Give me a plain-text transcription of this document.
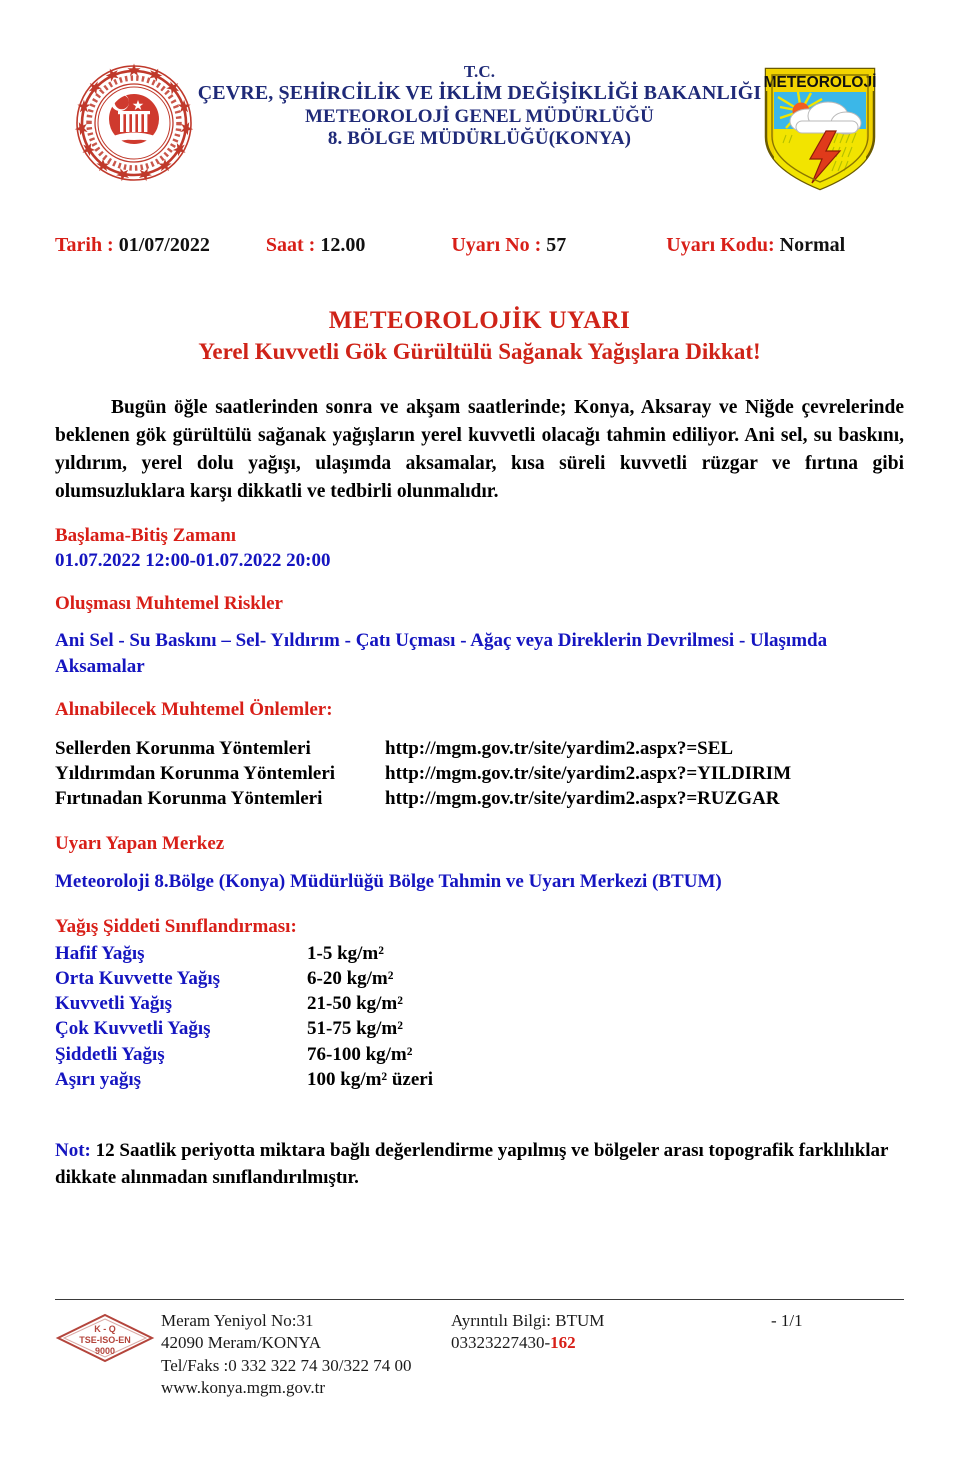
T.C.
ÇEVRE, ŞEHİRCİLİK VE İKLİM DEĞİŞİKLİĞİ BAKANLIĞI
METEOROLOJİ GENEL MÜDÜRLÜĞÜ
8. BÖLGE MÜDÜRLÜĞÜ(KONYA)
METEOROLOJİ
Tarih : 01/07/2022	Saat : 12.00	Uyarı No : 57	Uyarı Kodu: Normal
METEOROLOJİK UYARI
Yerel Kuvvetli Gök Gürültülü Sağanak Yağışlara Dikkat!
Bugün öğle saatlerinden sonra ve akşam saatlerinde; Konya, Aksaray ve Niğde çevrelerinde beklenen gök gürültülü sağanak yağışların yerel kuvvetli olacağı tahmin ediliyor. Ani sel, su baskını, yıldırım, yerel dolu yağışı, ulaşımda aksamalar, kısa süreli kuvvetli rüzgar ve fırtına gibi olumsuzluklara karşı dikkatli ve tedbirli olunmalıdır.
Başlama-Bitiş Zamanı
01.07.2022 12:00-01.07.2022 20:00
Oluşması Muhtemel Riskler
Ani Sel - Su Baskını – Sel- Yıldırım - Çatı Uçması - Ağaç veya Direklerin Devrilmesi - Ulaşımda Aksamalar
Alınabilecek Muhtemel Önlemler:
Sellerden Korunma Yöntemleri	http://mgm.gov.tr/site/yardim2.aspx?=SEL
Yıldırımdan Korunma Yöntemleri	http://mgm.gov.tr/site/yardim2.aspx?=YILDIRIM
Fırtınadan Korunma Yöntemleri	http://mgm.gov.tr/site/yardim2.aspx?=RUZGAR
Uyarı Yapan Merkez
Meteoroloji 8.Bölge (Konya) Müdürlüğü Bölge Tahmin ve Uyarı Merkezi (BTUM)
Yağış Şiddeti Sınıflandırması:
Hafif Yağış	1-5 kg/m²
Orta Kuvvette Yağış	6-20 kg/m²
Kuvvetli Yağış	21-50 kg/m²
Çok Kuvvetli Yağış	51-75 kg/m²
Şiddetli Yağış	76-100 kg/m²
Aşırı yağış	100 kg/m² üzeri
Not: 12 Saatlik periyotta miktara bağlı değerlendirme yapılmış ve bölgeler arası topografik farklılıklar dikkate alınmadan sınıflandırılmıştır.
K - Q
TSE-ISO-EN
9000
Meram Yeniyol No:31
42090 Meram/KONYA
Tel/Faks :0 332 322 74 30/322 74 00
www.konya.mgm.gov.tr
Ayrıntılı Bilgi: BTUM
03323227430-162
- 1/1
